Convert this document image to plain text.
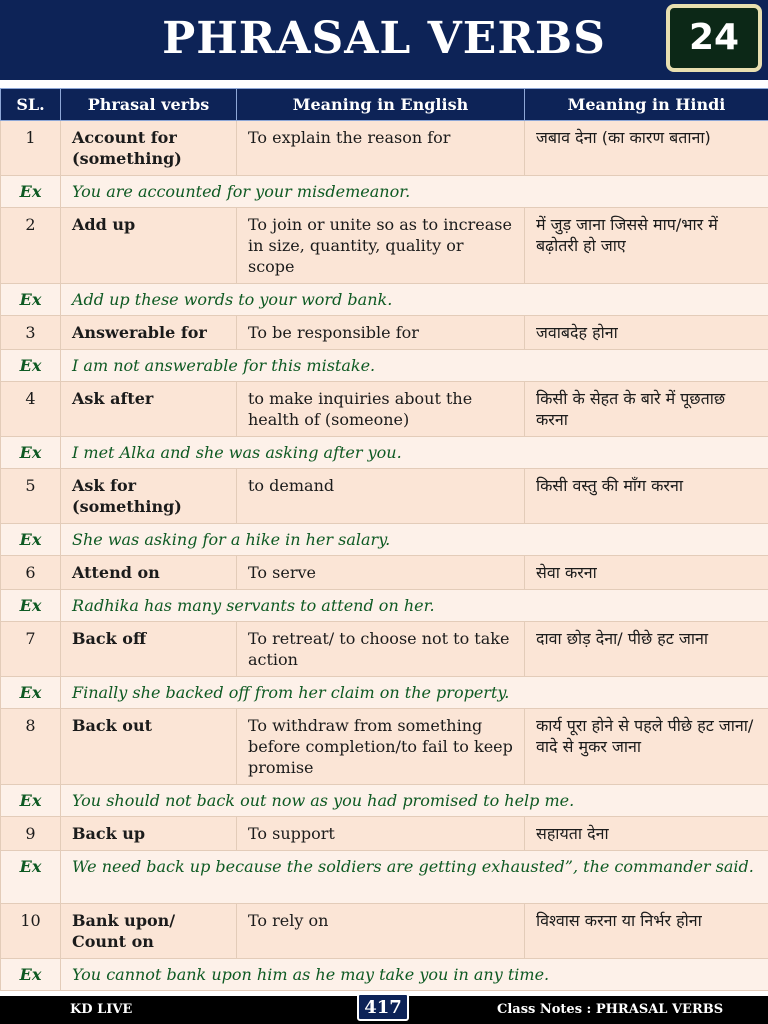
PHRASAL VERBS	24
SL.	Phrasal verbs	Meaning in English	Meaning in Hindi
1	Account for (something)	To explain the reason for	जबाव देना (का कारण बताना)
Ex	You are accounted for your misdemeanor.		
2	Add up	To join or unite so as to increase in size, quantity, quality or scope	में जुड़ जाना जिससे माप/भार में बढ़ोतरी हो जाए
Ex	Add up these words to your word bank.		
3	Answerable for	To be responsible for	जवाबदेह होना
Ex	I am not answerable for this mistake.		
4	Ask after	to make inquiries about the health of (someone)	किसी के सेहत के बारे में पूछताछ करना
Ex	I met Alka and she was asking after you.		
5	Ask for (something)	to demand	किसी वस्तु की माँग करना
Ex	She was asking for a hike in her salary.		
6	Attend on	To serve	सेवा करना
Ex	Radhika has many servants to attend on her.		
7	Back off	To retreat/ to choose not to take action	दावा छोड़ देना/ पीछे हट जाना
Ex	Finally she backed off from her claim on the property.		
8	Back out	To withdraw from something before completion/to fail to keep promise	कार्य पूरा होने से पहले पीछे हट जाना/ वादे से मुकर जाना
Ex	You should not back out now as you had promised to help me.		
9	Back up	To support	सहायता देना
Ex	We need back up because the soldiers are getting exhausted”, the commander said.		
10	Bank upon/ Count on	To rely on	विश्वास करना या निर्भर होना
Ex	You cannot bank upon him as he may take you in any time.		
KD LIVE	417	Class Notes : PHRASAL VERBS
